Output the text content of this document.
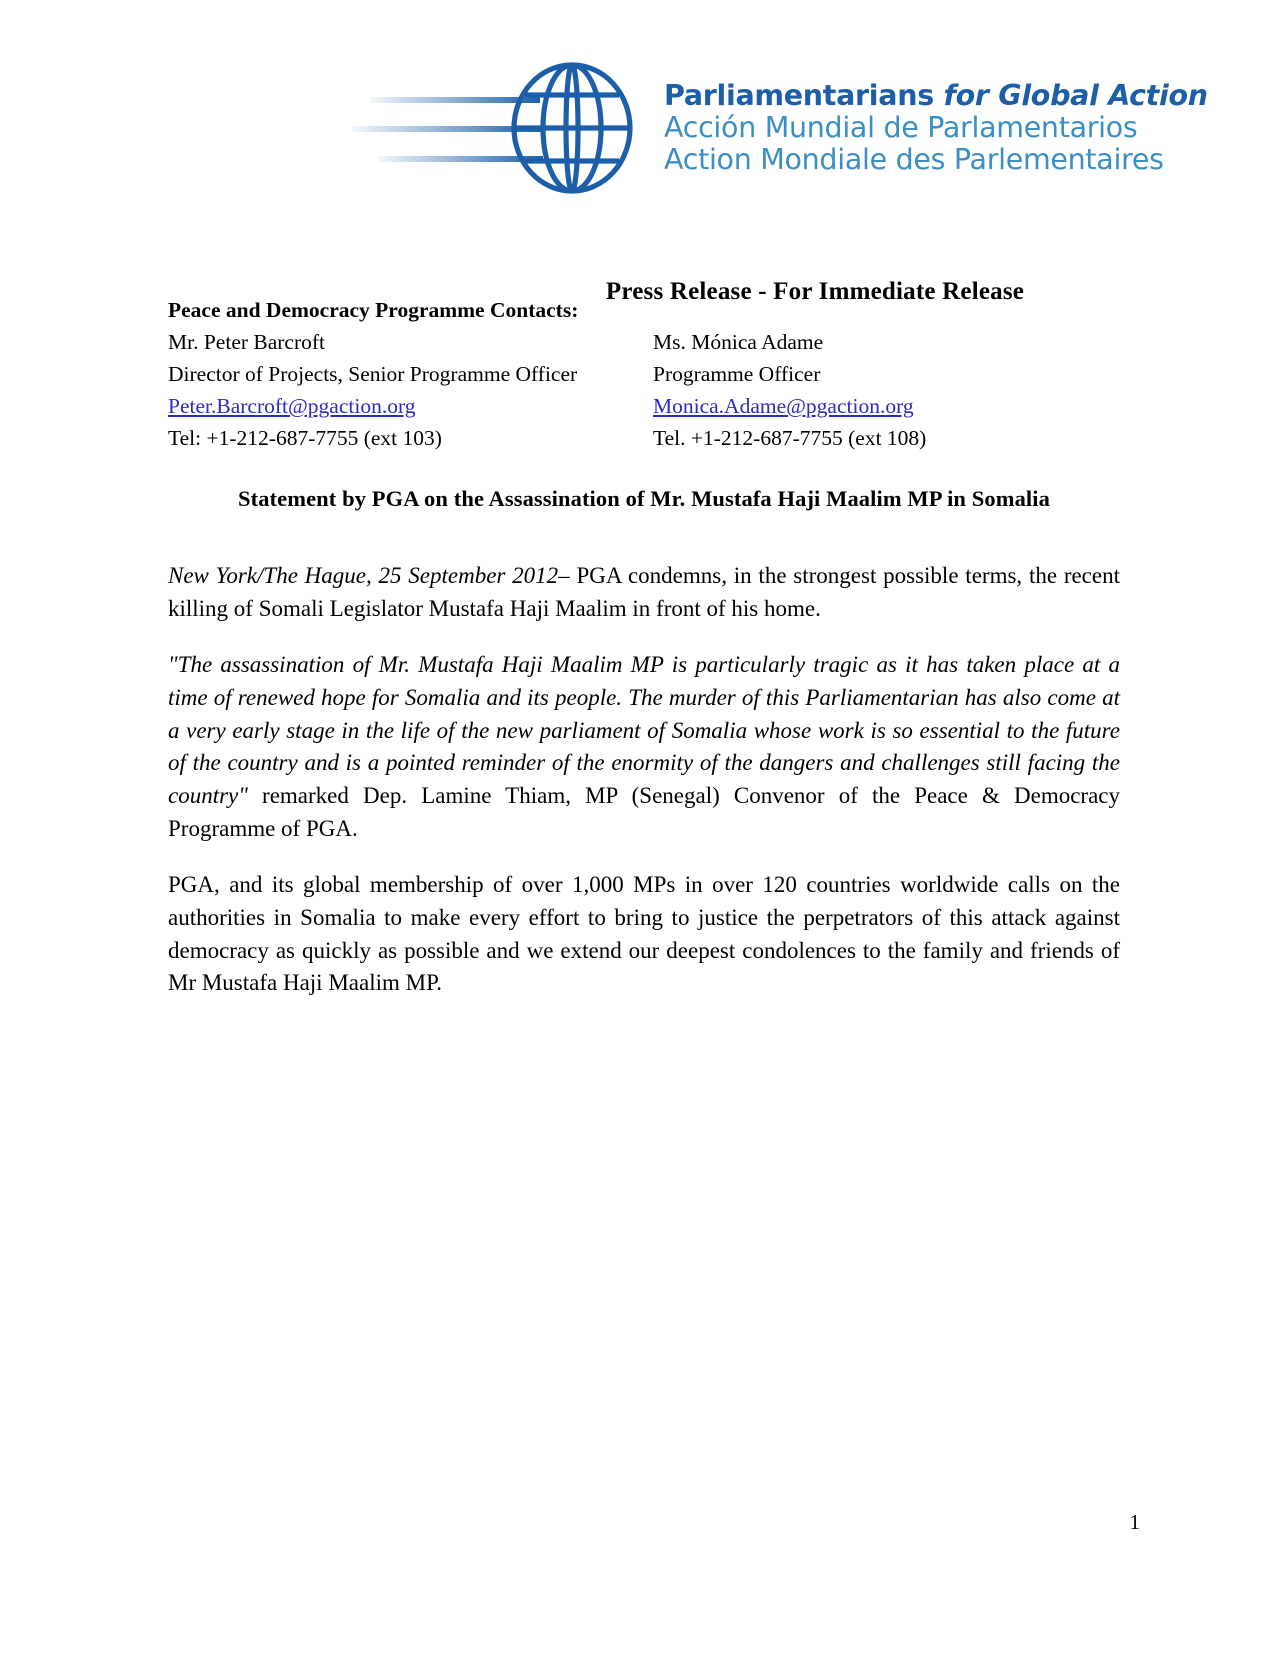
Parliamentarians for Global Action
Acción Mundial de Parlamentarios
Action Mondiale des Parlementaires
Press Release - For Immediate Release
Peace and Democracy Programme Contacts:
Mr. Peter Barcroft
Director of Projects, Senior Programme Officer
Peter.Barcroft@pgaction.org
Tel: +1-212-687-7755 (ext 103)
Ms. Mónica Adame
Programme Officer
Monica.Adame@pgaction.org
Tel. +1-212-687-7755 (ext 108)
Statement by PGA on the Assassination of Mr. Mustafa Haji Maalim MP in Somalia

New York/The Hague, 25 September 2012– PGA condemns, in the strongest possible terms, the recent killing of Somali Legislator Mustafa Haji Maalim in front of his home.

"The assassination of Mr. Mustafa Haji Maalim MP is particularly tragic as it has taken place at a time of renewed hope for Somalia and its people. The murder of this Parliamentarian has also come at a very early stage in the life of the new parliament of Somalia whose work is so essential to the future of the country and is a pointed reminder of the enormity of the dangers and challenges still facing the country" remarked Dep. Lamine Thiam, MP (Senegal) Convenor of the Peace & Democracy Programme of PGA.

PGA, and its global membership of over 1,000 MPs in over 120 countries worldwide calls on the authorities in Somalia to make every effort to bring to justice the perpetrators of this attack against democracy as quickly as possible and we extend our deepest condolences to the family and friends of Mr Mustafa Haji Maalim MP.

1
